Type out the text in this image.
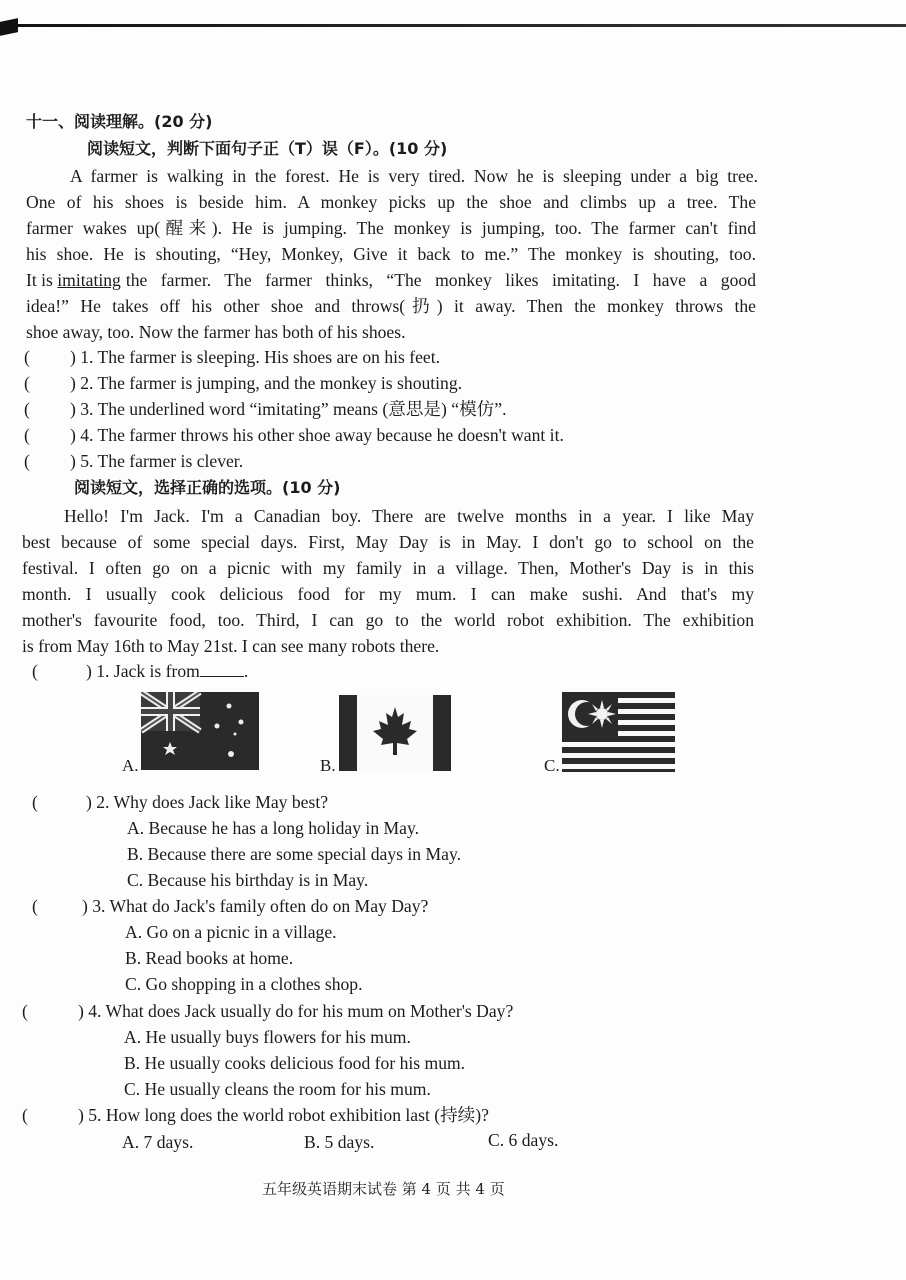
十一、阅读理解。(20 分)
阅读短文，判断下面句子正（T）误（F）。(10 分)
A farmer is walking in the forest. He is very tired. Now he is sleeping under a big tree.
One of his shoes is beside him. A monkey picks up the shoe and climbs up a tree. The
farmer wakes up(醒来). He is jumping. The monkey is jumping, too. The farmer can't find
his shoe. He is shouting, “Hey, Monkey, Give it back to me.” The monkey is shouting, too.
It is imitating the farmer. The farmer thinks, “The monkey likes imitating. I have a good
idea!” He takes off his other shoe and throws(扔) it away. Then the monkey throws the
shoe away, too. Now the farmer has both of his shoes.
( ) 1. The farmer is sleeping. His shoes are on his feet.
( ) 2. The farmer is jumping, and the monkey is shouting.
( ) 3. The underlined word “imitating” means (意思是) “模仿”.
( ) 4. The farmer throws his other shoe away because he doesn't want it.
( ) 5. The farmer is clever.
阅读短文，选择正确的选项。(10 分)
Hello! I'm Jack. I'm a Canadian boy. There are twelve months in a year. I like May
best because of some special days. First, May Day is in May. I don't go to school on the
festival. I often go on a picnic with my family in a village. Then, Mother's Day is in this
month. I usually cook delicious food for my mum. I can make sushi. And that's my
mother's favourite food, too. Third, I can go to the world robot exhibition. The exhibition
is from May 16th to May 21st. I can see many robots there.
(	) 1. Jack is from	.
A.	B.	C.
(	) 2. Why does Jack like May best?
A. Because he has a long holiday in May.
B. Because there are some special days in May.
C. Because his birthday is in May.
(	) 3. What do Jack's family often do on May Day?
A. Go on a picnic in a village.
B. Read books at home.
C. Go shopping in a clothes shop.
(	) 4. What does Jack usually do for his mum on Mother's Day?
A. He usually buys flowers for his mum.
B. He usually cooks delicious food for his mum.
C. He usually cleans the room for his mum.
(	) 5. How long does the world robot exhibition last (持续)?
A. 7 days.	B. 5 days.	C. 6 days.
五年级英语期末试卷 第 4 页 共 4 页
